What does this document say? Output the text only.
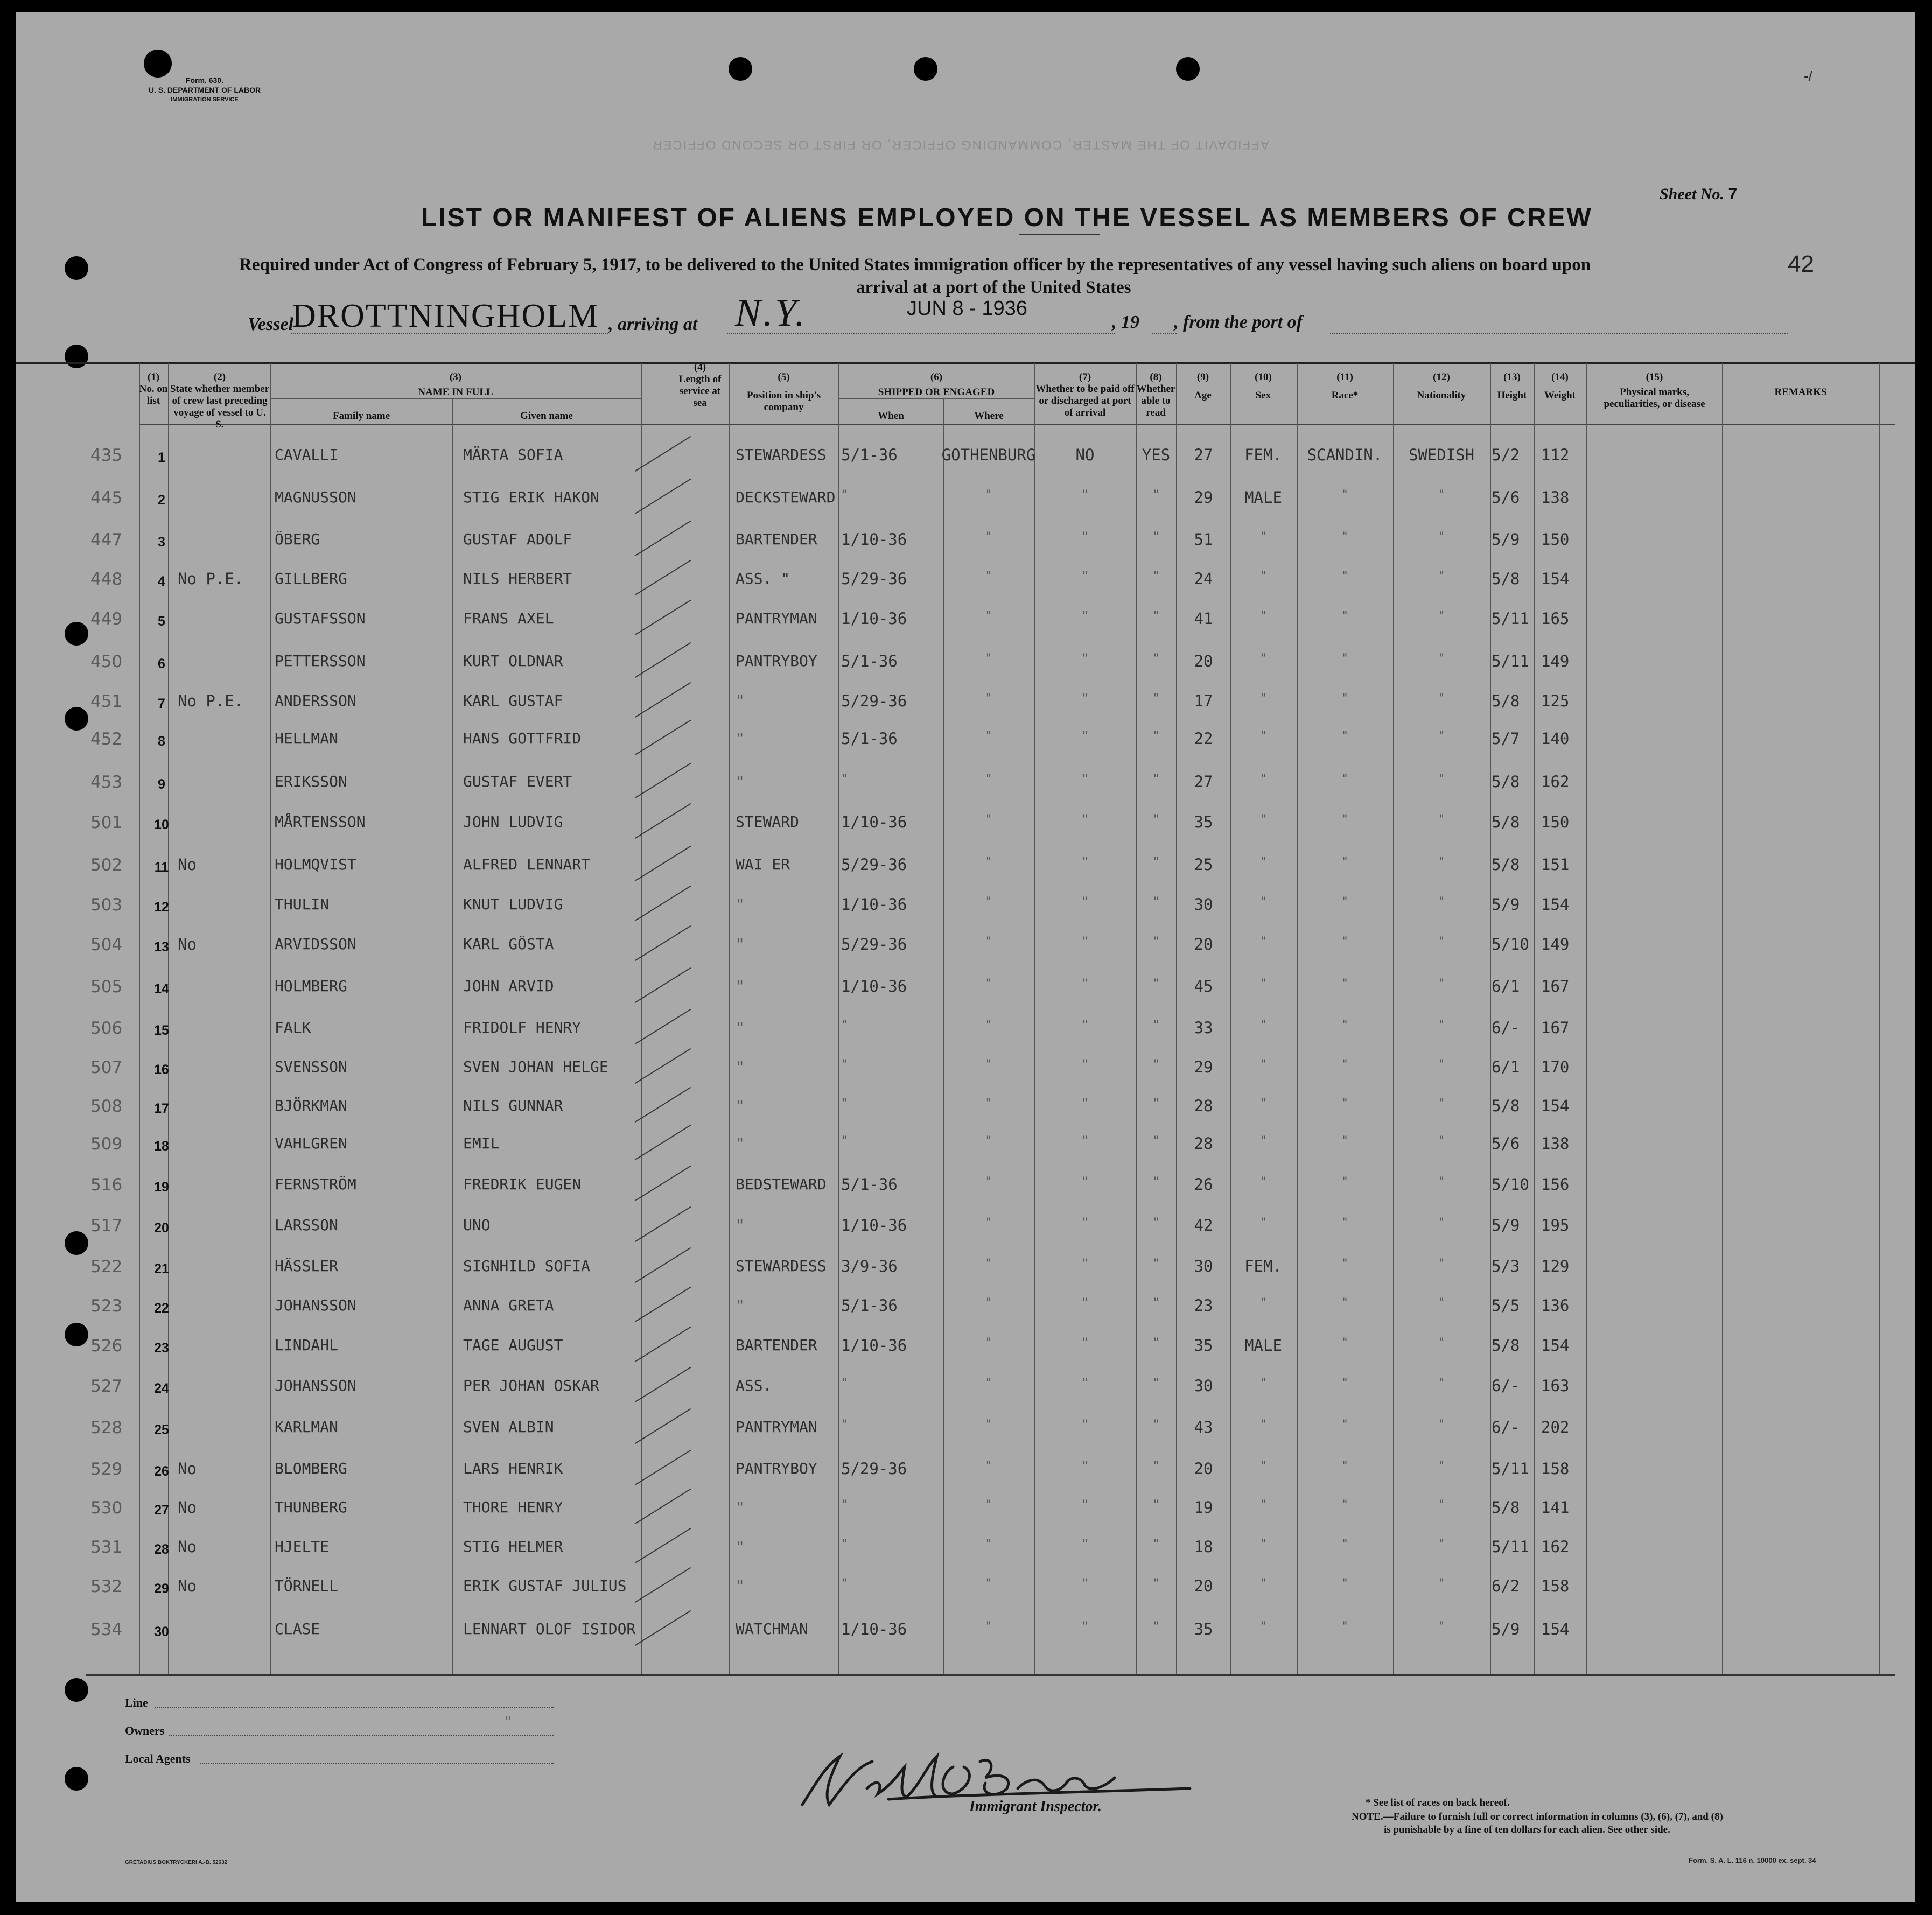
Form. 630.
U. S. DEPARTMENT OF LABOR
IMMIGRATION SERVICE
AFFIDAVIT OF THE MASTER, COMMANDING OFFICER, OR FIRST OR SECOND OFFICER
Sheet No. 7
LIST OR MANIFEST OF ALIENS EMPLOYED ON THE VESSEL AS MEMBERS OF CREW
Required under Act of Congress of February 5, 1917, to be delivered to the United States immigration officer by the representatives of any vessel having such aliens on board upon
arrival at a port of the United States
42
Vessel
DROTTNINGHOLM , arriving at N.Y.	JUN 8 - 1936
, 19 , from the port of
(1)
No. on list
(2)
State whether member of crew last preceding voyage of vessel to U. S.
(3)
NAME IN FULL
Family name	Given name
(4)
Length of service at sea
(5)
Position in ship's company
(6)
SHIPPED OR ENGAGED
When	Where
(7)
Whether to be paid off or discharged at port of arrival
(8)
Whether able to read
(9)
Age
(10)
Sex
(11)
Race*
(12)
Nationality
(13)
Height
(14)
Weight
(15)
Physical marks, peculiarities, or disease
REMARKS
435	1	CAVALLI	MÄRTA SOFIA	STEWARDESS 5/1-36	GOTHENBURG	NO	YES	27	FEM.	SCANDIN.	SWEDISH	5/2 112
445	2	MAGNUSSON	STIG ERIK HAKON	DECKSTEWARD "	"	"	"	29	MALE	"	"	5/6 138
447	3	ÖBERG	GUSTAF ADOLF	BARTENDER 1/10-36	"	"	"	51	"	"	"	5/9 150
448	4 No P.E. GILLBERG	NILS HERBERT	ASS. "	5/29-36	"	"	"	24	"	"	"	5/8 154
449	5	GUSTAFSSON	FRANS AXEL	PANTRYMAN 1/10-36	"	"	"	41	"	"	"	5/11 165
450	6	PETTERSSON	KURT OLDNAR	PANTRYBOY 5/1-36	"	"	"	20	"	"	"	5/11 149
451	7 No P.E. ANDERSSON	KARL GUSTAF	"	5/29-36	"	"	"	17	"	"	"	5/8 125
452	8	HELLMAN	HANS GOTTFRID	"	5/1-36	"	"	"	22	"	"	"	5/7 140
453	9	ERIKSSON	GUSTAF EVERT	"	"	"	"	"	27	"	"	"	5/8 162
501 10	MÅRTENSSON	JOHN LUDVIG	STEWARD	1/10-36	"	"	"	35	"	"	"	5/8 150
502 11 No	HOLMQVIST	ALFRED LENNART	WAI ER	5/29-36	"	"	"	25	"	"	"	5/8 151
503 12	THULIN	KNUT LUDVIG	"	1/10-36	"	"	"	30	"	"	"	5/9 154
504 13 No	ARVIDSSON	KARL GÖSTA	"	5/29-36	"	"	"	20	"	"	"	5/10 149
505 14	HOLMBERG	JOHN ARVID	"	1/10-36	"	"	"	45	"	"	"	6/1 167
506 15	FALK	FRIDOLF HENRY	"	"	"	"	"	33	"	"	"	6/- 167
507 16	SVENSSON	SVEN JOHAN HELGE	"	"	"	"	"	29	"	"	"	6/1 170
508 17	BJÖRKMAN	NILS GUNNAR	"	"	"	"	"	28	"	"	"	5/8 154
509 18	VAHLGREN	EMIL	"	"	"	"	"	28	"	"	"	5/6 138
516 19	FERNSTRÖM	FREDRIK EUGEN	BEDSTEWARD 5/1-36	"	"	"	26	"	"	"	5/10 156
517 20	LARSSON	UNO	"	1/10-36	"	"	"	42	"	"	"	5/9 195
522 21	HÄSSLER	SIGNHILD SOFIA	STEWARDESS 3/9-36	"	"	"	30	FEM.	"	"	5/3 129
523 22	JOHANSSON	ANNA GRETA	"	5/1-36	"	"	"	23	"	"	"	5/5 136
526 23	LINDAHL	TAGE AUGUST	BARTENDER 1/10-36	"	"	"	35	MALE	"	"	5/8 154
527 24	JOHANSSON	PER JOHAN OSKAR	ASS.	"	"	"	"	30	"	"	"	6/- 163
528 25	KARLMAN	SVEN ALBIN	PANTRYMAN "	"	"	"	43	"	"	"	6/- 202
529 26 No	BLOMBERG	LARS HENRIK	PANTRYBOY 5/29-36	"	"	"	20	"	"	"	5/11 158
530 27 No	THUNBERG	THORE HENRY	"	"	"	"	"	19	"	"	"	5/8 141
531 28 No	HJELTE	STIG HELMER	"	"	"	"	"	18	"	"	"	5/11 162
532 29 No	TÖRNELL	ERIK GUSTAF JULIUS	"	"	"	"	"	20	"	"	"	6/2 158
534 30	CLASE	LENNART OLOF ISIDOR	WATCHMAN 1/10-36	"	"	"	35	"	"	"	5/9 154
Line
Owners	"
Local Agents
Ernst C Larson Immigrant Inspector.	* See list of races on back hereof.
NOTE.—Failure to furnish full or correct information in columns (3), (6), (7), and (8)
is punishable by a fine of ten dollars for each alien. See other side.
Form. S. A. L. 116 n. 10000 ex. sept. 34
GRETADIUS BOKTRYCKERI A.-B. 52632
-/
